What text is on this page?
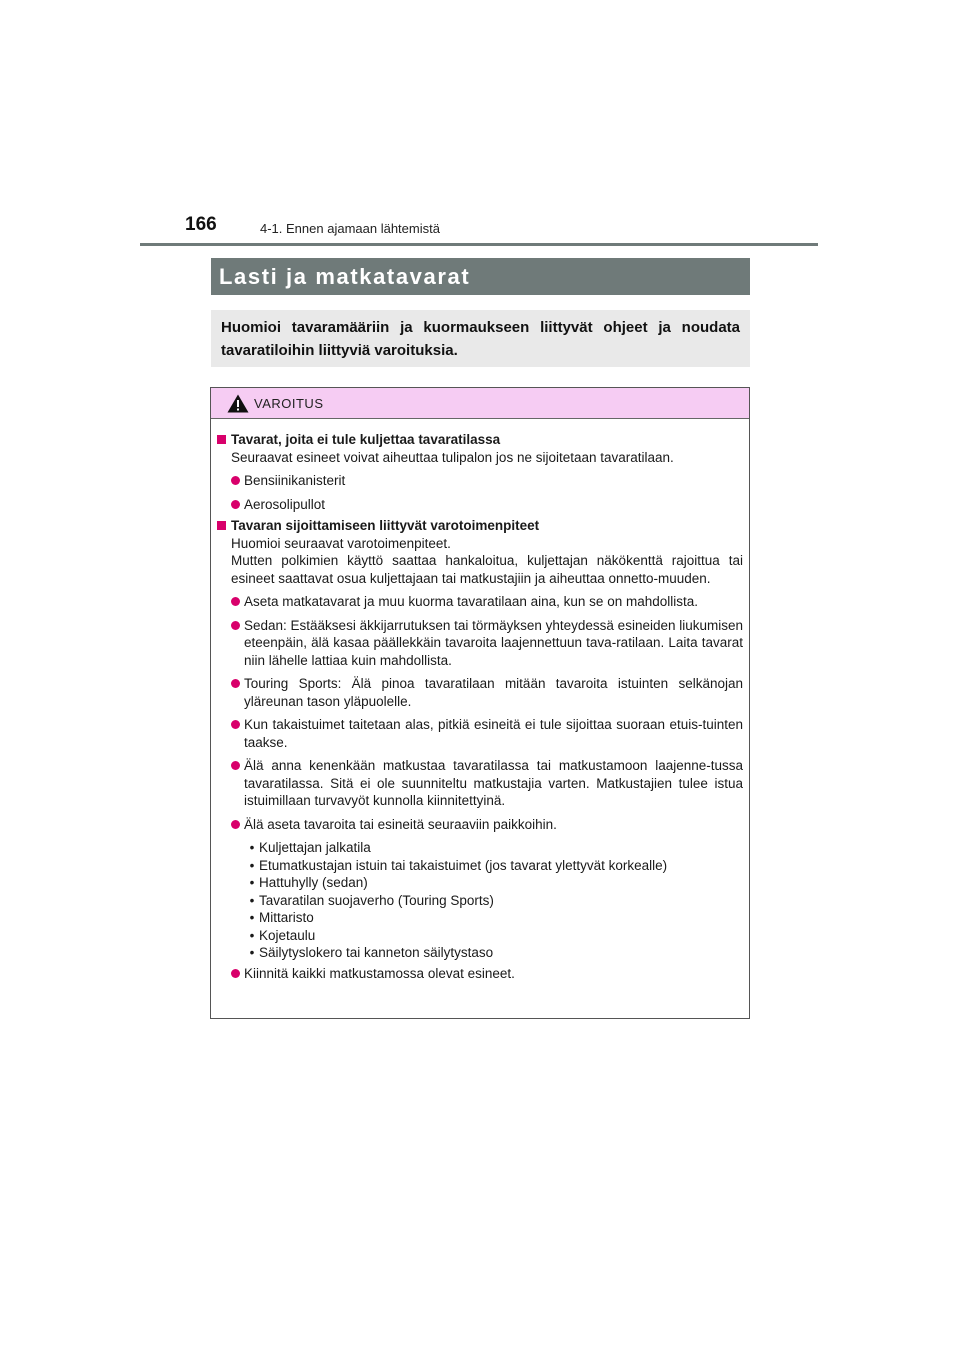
166	4-1. Ennen ajamaan lähtemistä
Lasti ja matkatavarat
Huomioi tavaramääriin ja kuormaukseen liittyvät ohjeet ja noudata tavaratiloihin liittyviä varoituksia.
VAROITUS
Tavarat, joita ei tule kuljettaa tavaratilassa
Seuraavat esineet voivat aiheuttaa tulipalon jos ne sijoitetaan tavaratilaan.
Bensiinikanisterit
Aerosolipullot
Tavaran sijoittamiseen liittyvät varotoimenpiteet
Huomioi seuraavat varotoimenpiteet.
Mutten polkimien käyttö saattaa hankaloitua, kuljettajan näkökenttä rajoittua tai esineet saattavat osua kuljettajaan tai matkustajiin ja aiheuttaa onnetto-muuden.
Aseta matkatavarat ja muu kuorma tavaratilaan aina, kun se on mahdollista.
Sedan: Estääksesi äkkijarrutuksen tai törmäyksen yhteydessä esineiden liukumisen eteenpäin, älä kasaa päällekkäin tavaroita laajennettuun tava-ratilaan. Laita tavarat niin lähelle lattiaa kuin mahdollista.
Touring Sports: Älä pinoa tavaratilaan mitään tavaroita istuinten selkänojan yläreunan tason yläpuolelle.
Kun takaistuimet taitetaan alas, pitkiä esineitä ei tule sijoittaa suoraan etuis-tuinten taakse.
Älä anna kenenkään matkustaa tavaratilassa tai matkustamoon laajenne-tussa tavaratilassa. Sitä ei ole suunniteltu matkustajia varten. Matkustajien tulee istua istuimillaan turvavyöt kunnolla kiinnitettyinä.
Älä aseta tavaroita tai esineitä seuraaviin paikkoihin.
• Kuljettajan jalkatila
• Etumatkustajan istuin tai takaistuimet (jos tavarat ylettyvät korkealle)
• Hattuhylly (sedan)
• Tavaratilan suojaverho (Touring Sports)
• Mittaristo
• Kojetaulu
• Säilytyslokero tai kanneton säilytystaso
Kiinnitä kaikki matkustamossa olevat esineet.
